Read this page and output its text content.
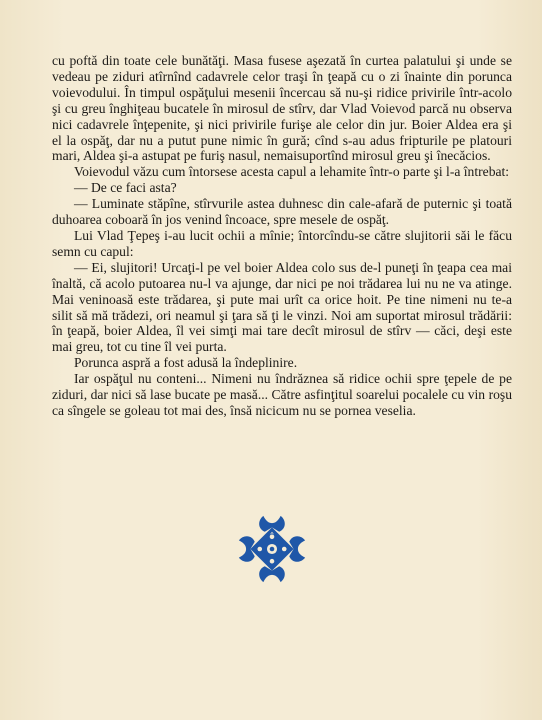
cu poftă din toate cele bunătăţi. Masa fusese aşezată în curtea palatului şi unde se vedeau pe ziduri atîrnînd cadavrele celor traşi în ţeapă cu o zi înainte din porunca voievodului. În timpul ospăţului mesenii încercau să nu-şi ridice privirile într-acolo şi cu greu înghiţeau bucatele în mirosul de stîrv, dar Vlad Voievod parcă nu observa nici cadavrele înţepenite, şi nici privirile furişe ale celor din jur. Boier Aldea era şi el la ospăţ, dar nu a putut pune nimic în gură; cînd s-au adus fripturile pe platouri mari, Aldea şi-a astupat pe furiş nasul, nemaisuportînd mirosul greu şi înecăcios.

Voievodul văzu cum întorsese acesta capul a lehamite într-o parte şi l-a întrebat:

— De ce faci asta?

— Luminate stăpîne, stîrvurile astea duhnesc din cale-afară de puternic şi toată duhoarea coboară în jos venind încoace, spre mesele de ospăţ.

Lui Vlad Ţepeş i-au lucit ochii a mînie; întorcîndu-se către slujitorii săi le făcu semn cu capul:

— Ei, slujitori! Urcaţi-l pe vel boier Aldea colo sus de-l puneţi în ţeapa cea mai înaltă, că acolo putoarea nu-l va ajunge, dar nici pe noi trădarea lui nu ne va atinge. Mai veninoasă este trădarea, şi pute mai urît ca orice hoit. Pe tine nimeni nu te-a silit să mă trădezi, ori neamul şi ţara să ţi le vinzi. Noi am suportat mirosul trădării: în ţeapă, boier Aldea, îl vei simţi mai tare decît mirosul de stîrv — căci, deşi este mai greu, tot cu tine îl vei purta.

Porunca aspră a fost adusă la îndeplinire.

Iar ospăţul nu conteni... Nimeni nu îndrăznea să ridice ochii spre ţepele de pe ziduri, dar nici să lase bucate pe masă... Către asfinţitul soarelui pocalele cu vin roşu ca sîngele se goleau tot mai des, însă nicicum nu se pornea veselia.
